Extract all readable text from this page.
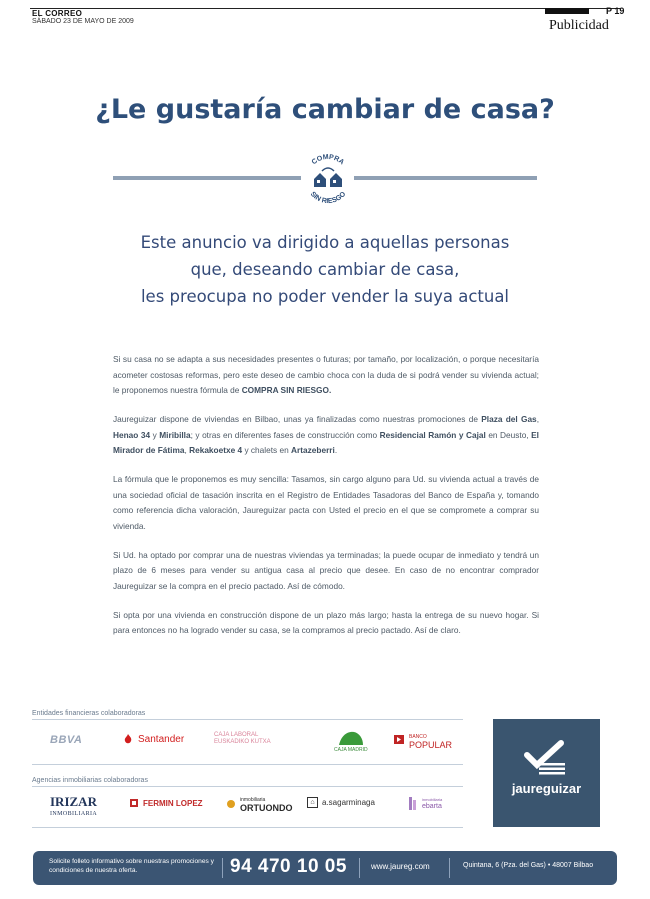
EL CORREO
SÁBADO 23 DE MAYO DE 2009
P 19
Publicidad
¿Le gustaría cambiar de casa?
COMPRA
SIN RIESGO
Este anuncio va dirigido a aquellas personas
que, deseando cambiar de casa,
les preocupa no poder vender la suya actual

Si su casa no se adapta a sus necesidades presentes o futuras; por tamaño, por localización, o porque necesitaría acometer costosas reformas, pero este deseo de cambio choca con la duda de si podrá vender su vivienda actual; le proponemos nuestra fórmula de COMPRA SIN RIESGO.

Jaureguizar dispone de viviendas en Bilbao, unas ya finalizadas como nuestras promociones de Plaza del Gas, Henao 34 y Miribilla; y otras en diferentes fases de construcción como Residencial Ramón y Cajal en Deusto, El Mirador de Fátima, Rekakoetxe 4 y chalets en Artazeberri.

La fórmula que le proponemos es muy sencilla: Tasamos, sin cargo alguno para Ud. su vivienda actual a través de una sociedad oficial de tasación inscrita en el Registro de Entidades Tasadoras del Banco de España y, tomando como referencia dicha valoración, Jaureguizar pacta con Usted el precio en el que se compromete a comprar su vivienda.

Si Ud. ha optado por comprar una de nuestras viviendas ya terminadas; la puede ocupar de inmediato y tendrá un plazo de 6 meses para vender su antigua casa al precio que desee. En caso de no encontrar comprador Jaureguizar se la compra en el precio pactado. Así de cómodo.

Si opta por una vivienda en construcción dispone de un plazo más largo; hasta la entrega de su nuevo hogar. Si para entonces no ha logrado vender su casa, se la compramos al precio pactado. Así de claro.

Entidades financieras colaboradoras
BBVA	Santander	CAJA LABORAL
EUSKADIKO KUTXA
CAJA MADRID
BANCO
POPULAR
Agencias inmobiliarias colaboradoras
IRIZAR
INMOBILIARIA
FERMIN LOPEZ	inmobiliaria
ORTUONDO
⌂ a.sagarminaga	inmobiliaria
ebarta
jaureguizar
Solicite folleto informativo sobre nuestras promociones y condiciones de nuestra oferta.	94 470 10 05	www.jaureg.com	Quintana, 6 (Pza. del Gas) • 48007 Bilbao
